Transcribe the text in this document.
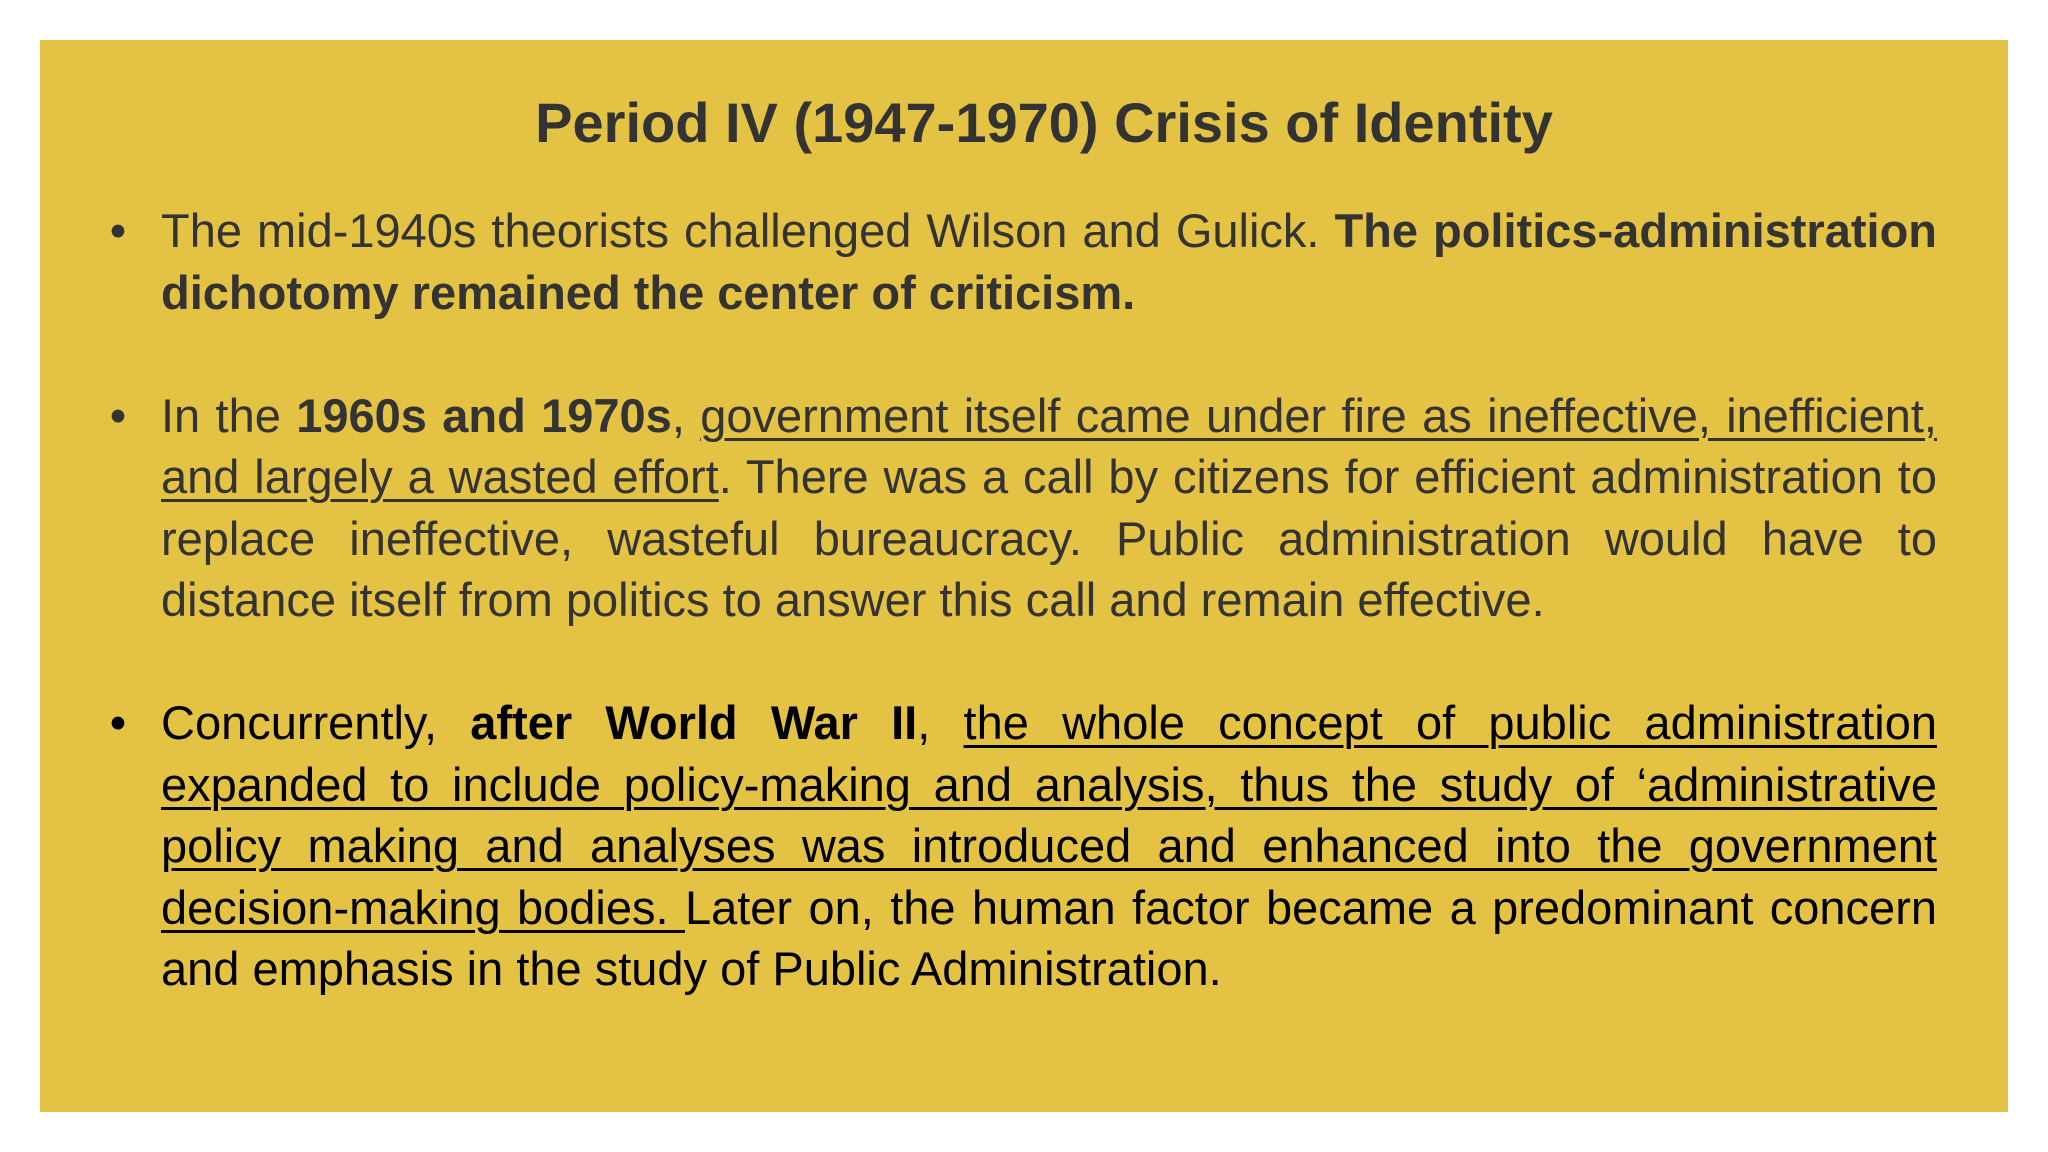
Period IV (1947-1970) Crisis of Identity
• The mid-1940s theorists challenged Wilson and Gulick. The politics-administration dichotomy remained the center of criticism.
• In the 1960s and 1970s, government itself came under fire as ineffective, inefficient, and largely a wasted effort. There was a call by citizens for efficient administration to replace ineffective, wasteful bureaucracy. Public administration would have to distance itself from politics to answer this call and remain effective.
• Concurrently, after World War II, the whole concept of public administration expanded to include policy-making and analysis, thus the study of ‘administrative policy making and analyses was introduced and enhanced into the government decision-making bodies. Later on, the human factor became a predominant concern and emphasis in the study of Public Administration.
